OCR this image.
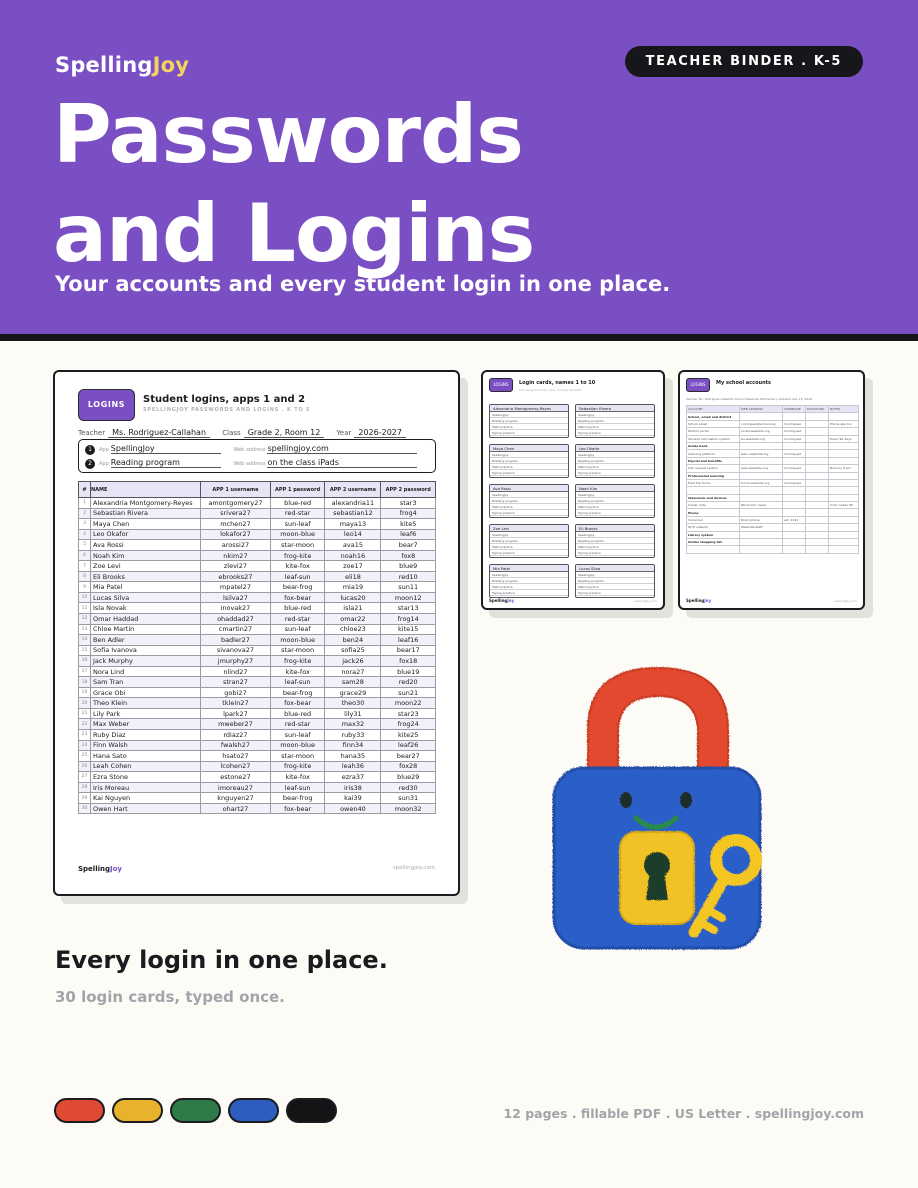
SpellingJoy	TEACHER BINDER . K-5
Passwords
and Logins
Your accounts and every student login in one place.
LOGINS	Student logins, apps 1 and 2
SPELLINGJOY PASSWORDS AND LOGINS . K TO 5
Teacher Ms. Rodriguez-Callahan Class Grade 2, Room 12 Year 2026-2027
1 App SpellingJoy	Web address spellingjoy.com
2 App Reading program	Web address on the class iPads
#	NAME	APP 1 username	APP 1 password	APP 2 username	APP 2 password
1	Alexandria Montgomery-Reyes	amontgomery27	blue-red	alexandria11	star3
2	Sebastian Rivera	srivera27	red-star	sebastian12	frog4
3	Maya Chen	mchen27	sun-leaf	maya13	kite5
4	Leo Okafor	lokafor27	moon-blue	leo14	leaf6
5	Ava Rossi	arossi27	star-moon	ava15	bear7
6	Noah Kim	nkim27	frog-kite	noah16	fox8
7	Zoe Levi	zlevi27	kite-fox	zoe17	blue9
8	Eli Brooks	ebrooks27	leaf-sun	eli18	red10
9	Mia Patel	mpatel27	bear-frog	mia19	sun11
10	Lucas Silva	lsilva27	fox-bear	lucas20	moon12
11	Isla Novak	inovak27	blue-red	isla21	star13
12	Omar Haddad	ohaddad27	red-star	omar22	frog14
13	Chloe Martin	cmartin27	sun-leaf	chloe23	kite15
14	Ben Adler	badler27	moon-blue	ben24	leaf16
15	Sofia Ivanova	sivanova27	star-moon	sofia25	bear17
16	Jack Murphy	jmurphy27	frog-kite	jack26	fox18
17	Nora Lind	nlind27	kite-fox	nora27	blue19
18	Sam Tran	stran27	leaf-sun	sam28	red20
19	Grace Obi	gobi27	bear-frog	grace29	sun21
20	Theo Klein	tklein27	fox-bear	theo30	moon22
21	Lily Park	lpark27	blue-red	lily31	star23
22	Max Weber	mweber27	red-star	max32	frog24
23	Ruby Diaz	rdiaz27	sun-leaf	ruby33	kite25
24	Finn Walsh	fwalsh27	moon-blue	finn34	leaf26
25	Hana Sato	hsato27	star-moon	hana35	bear27
26	Leah Cohen	lcohen27	frog-kite	leah36	fox28
27	Ezra Stone	estone27	kite-fox	ezra37	blue29
28	Iris Moreau	imoreau27	leaf-sun	iris38	red30
29	Kai Nguyen	knguyen27	bear-frog	kai39	sun31
30	Owen Hart	ohart27	fox-bear	owen40	moon32
SpellingJoy	spellingjoy.com
LOGINS	Login cards, names 1 to 10
Cut along the lines. One card per student.
Alexandria Montgomery-Reyes
SpellingJoy
Reading program
Math practice
Typing practice
Sebastian Rivera
SpellingJoy
Reading program
Math practice
Typing practice
Maya Chen
SpellingJoy
Reading program
Math practice
Typing practice
Leo Okafor
SpellingJoy
Reading program
Math practice
Typing practice
Ava Rossi
SpellingJoy
Reading program
Math practice
Typing practice
Noah Kim
SpellingJoy
Reading program
Math practice
Typing practice
Zoe Levi
SpellingJoy
Reading program
Math practice
Typing practice
Eli Brooks
SpellingJoy
Reading program
Math practice
Typing practice
Mia Patel
SpellingJoy
Reading program
Math practice
Typing practice
Lucas Silva
SpellingJoy
Reading program
Math practice
Typing practice
SpellingJoy	spellingjoy.com
LOGINS	My school accounts
Teacher Ms. Rodriguez-Callahan School Westville Elementary Updated Sep 15, 2026
ACCOUNT	WEB ADDRESS	USERNAME	PASSWORD	NOTES
School, email and district				
School email	r.rodriguez@school.org	mrodriguez		Phone app too
District portal	portal.westville.org	mrodriguez		
Student information system	sis.westville.org	mrodriguez		Every 90 days
Grade book				
Learning platform	learn.westville.org	mrodriguez		
Payroll and benefits				
Sub request system	subs.westville.org	mrodriguez		Back by 8 am
Professional learning				
Field trip forms	forms.westville.org	mrodriguez		

Classroom and devices				
Copier code	Workroom copier			Color needs OK
Phone				
Voicemail	Room phone	ext. 1212		
Wi-Fi network	Westville-Staff			
Library system				
Online shopping list				

SpellingJoy	spellingjoy.com
Every login in one place.
30 login cards, typed once.
12 pages . fillable PDF . US Letter . spellingjoy.com
